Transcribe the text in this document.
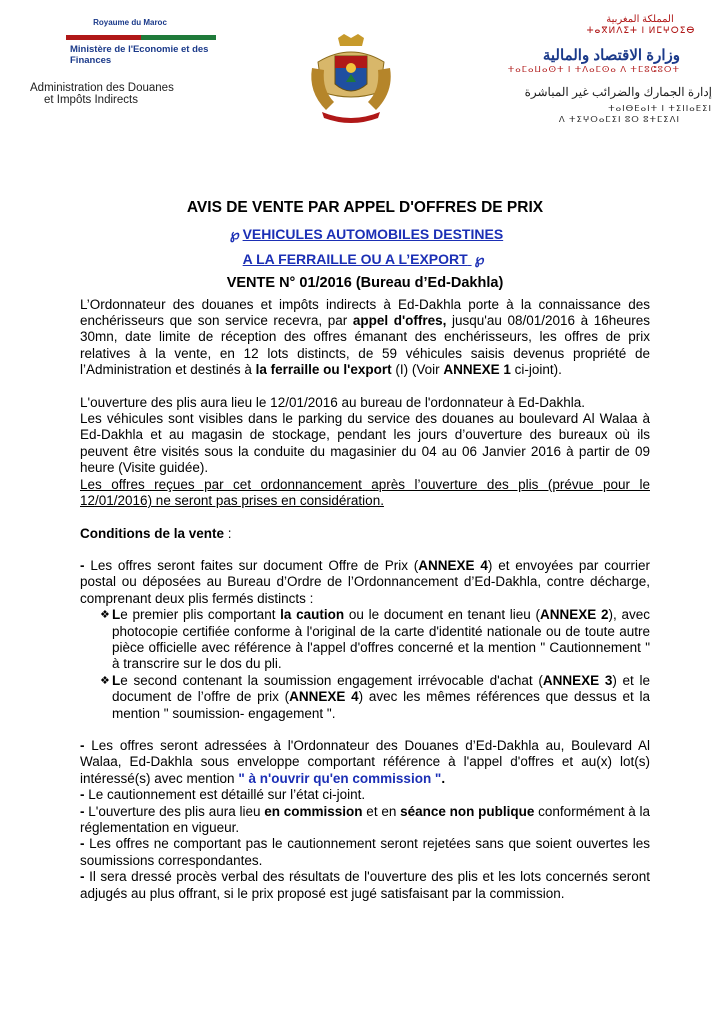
Royaume du Maroc
Ministère de l'Economie et des Finances
Administration des Douanes
et Impôts Indirects
المملكة المغربية
ⵜⴰⴳⵍⴷⵉⵜ ⵏ ⵍⵎⵖⵔⵉⴱ
وزارة الاقتصاد والمالية
ⵜⴰⵎⴰⵡⴰⵙⵜ ⵏ ⵜⴷⴰⵎⵙⴰ ⴷ ⵜⵎⵓⵛⵓⵔⵜ
إدارة الجمارك والضرائب غير المباشرة
ⵜⴰⵏⴱⴹⴰⵏⵜ ⵏ ⵜⵉⵏⵏⴰⴹⵉⵏ
ⴷ ⵜⵉⵖⵔⴰⵎⵉⵏ ⵓⵔ ⵓⵜⵎⵉⴷⵏ
AVIS DE VENTE PAR APPEL D'OFFRES DE PRIX
℘ VEHICULES AUTOMOBILES DESTINES
A LA FERRAILLE OU A L’EXPORT ℘
VENTE N° 01/2016 (Bureau d’Ed-Dakhla)

L’Ordonnateur des douanes et impôts indirects à Ed-Dakhla porte à la connaissance des enchérisseurs que son service recevra, par appel d'offres, jusqu'au 08/01/2016 à 16heures 30mn, date limite de réception des offres émanant des enchérisseurs, les offres de prix relatives à la vente, en 12 lots distincts, de 59 véhicules saisis devenus propriété de l’Administration et destinés à la ferraille ou l'export (I) (Voir ANNEXE 1 ci-joint).

L'ouverture des plis aura lieu le 12/01/2016 au bureau de l'ordonnateur à Ed-Dakhla.

Les véhicules sont visibles dans le parking du service des douanes au boulevard Al Walaa à Ed-Dakhla et au magasin de stockage, pendant les jours d’ouverture des bureaux où ils peuvent être visités sous la conduite du magasinier du 04 au 06 Janvier 2016 à partir de 09 heure (Visite guidée).

Les offres reçues par cet ordonnancement après l’ouverture des plis (prévue pour le 12/01/2016) ne seront pas prises en considération.

Conditions de la vente :

- Les offres seront faites sur document Offre de Prix (ANNEXE 4) et envoyées par courrier postal ou déposées au Bureau d’Ordre de l’Ordonnancement d’Ed-Dakhla, contre décharge, comprenant deux plis fermés distincts :

❖ Le premier plis comportant la caution ou le document en tenant lieu (ANNEXE 2), avec photocopie certifiée conforme à l'original de la carte d'identité nationale ou de toute autre pièce officielle avec référence à l'appel d'offres concerné et la mention " Cautionnement " à transcrire sur le dos du pli.
❖ Le second contenant la soumission engagement irrévocable d'achat (ANNEXE 3) et le document de l’offre de prix (ANNEXE 4) avec les mêmes références que dessus et la mention " soumission- engagement ".

- Les offres seront adressées à l'Ordonnateur des Douanes d’Ed-Dakhla au, Boulevard Al Walaa, Ed-Dakhla sous enveloppe comportant référence à l'appel d'offres et au(x) lot(s) intéressé(s) avec mention " à n'ouvrir qu'en commission ".

- Le cautionnement est détaillé sur l’état ci-joint.

- L'ouverture des plis aura lieu en commission et en séance non publique conformément à la réglementation en vigueur.

- Les offres ne comportant pas le cautionnement seront rejetées sans que soient ouvertes les soumissions correspondantes.

- Il sera dressé procès verbal des résultats de l'ouverture des plis et les lots concernés seront adjugés au plus offrant, si le prix proposé est jugé satisfaisant par la commission.
